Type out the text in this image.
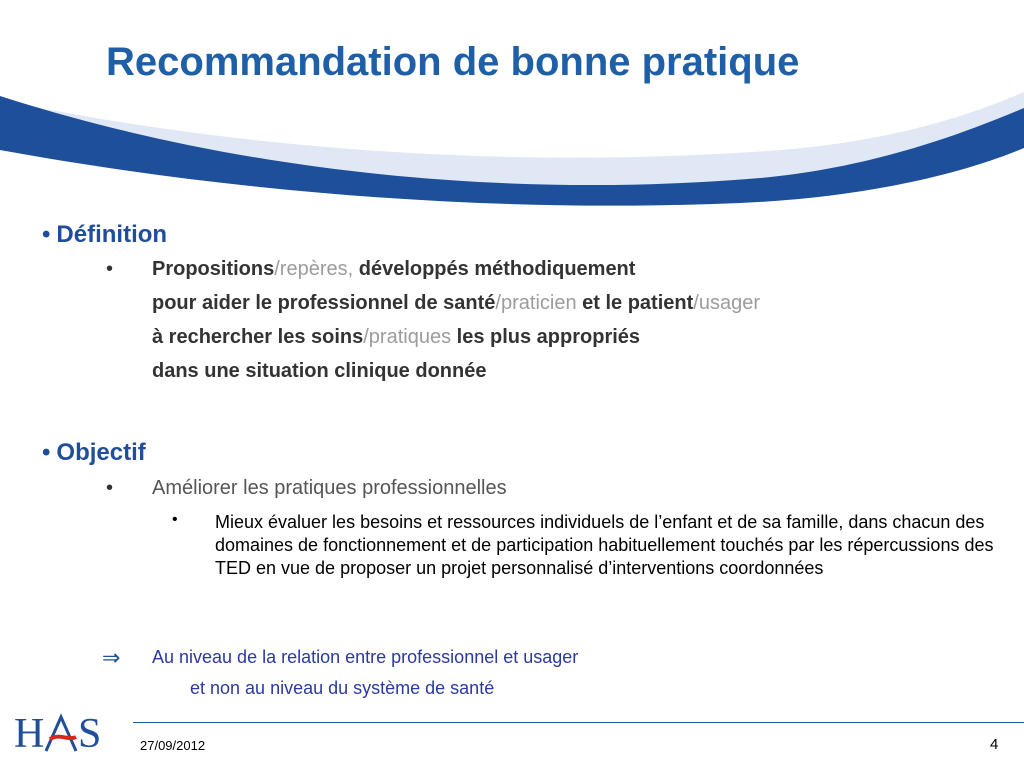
Recommandation de bonne pratique
• Définition
• Propositions/repères, développés méthodiquement
pour aider le professionnel de santé/praticien et le patient/usager
à rechercher les soins/pratiques les plus appropriés
dans une situation clinique donnée
• Objectif
• Améliorer les pratiques professionnelles
• Mieux évaluer les besoins et ressources individuels de l’enfant et de sa famille, dans chacun des domaines de fonctionnement et de participation habituellement touchés par les répercussions des TED en vue de proposer un projet personnalisé d’interventions coordonnées
⇒ Au niveau de la relation entre professionnel et usager
et non au niveau du système de santé
H S	27/09/2012	4
